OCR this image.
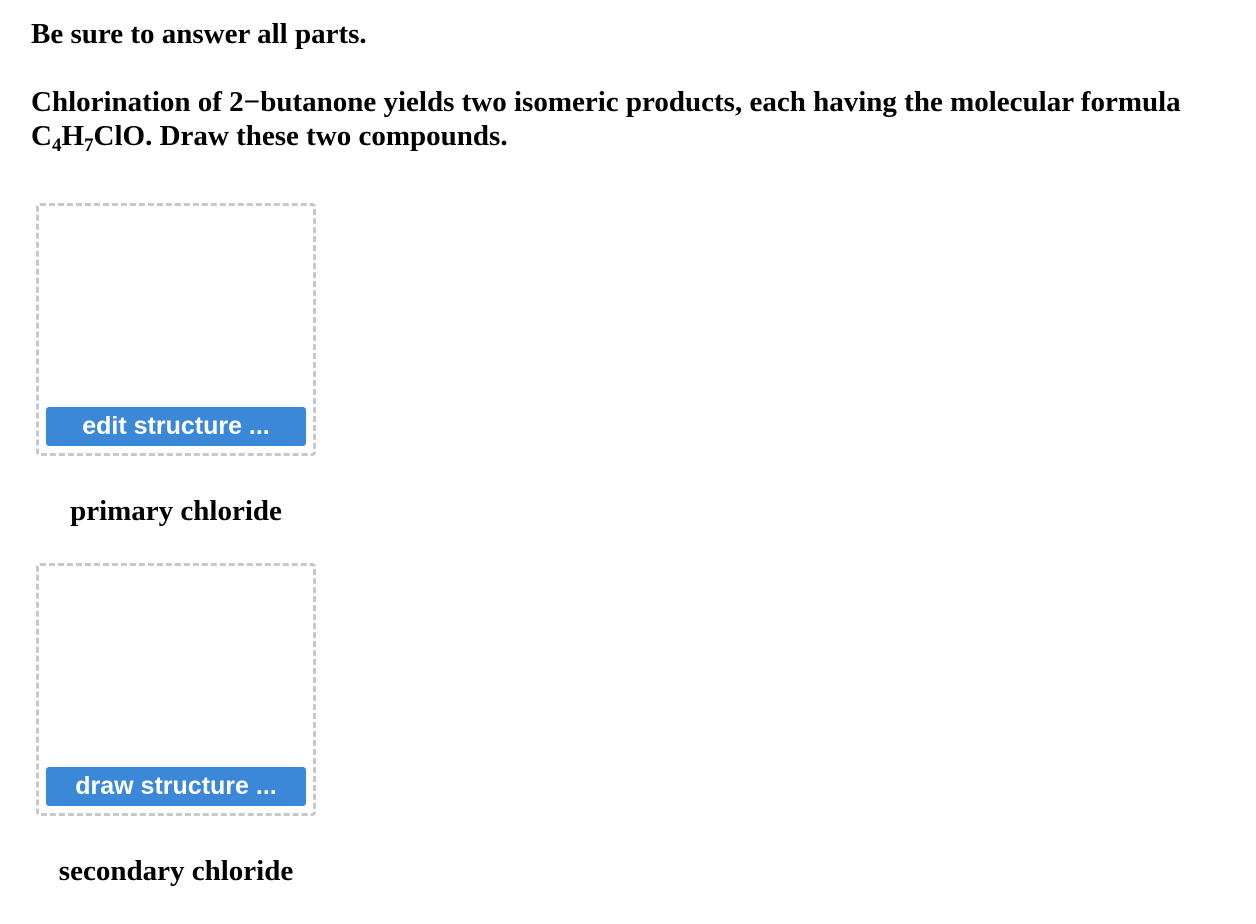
Be sure to answer all parts.

Chlorination of 2−butanone yields two isomeric products, each having the molecular formula
$C_4H_7ClO$. Draw these two compounds.

edit structure ...

primary chloride

draw structure ...

secondary chloride
